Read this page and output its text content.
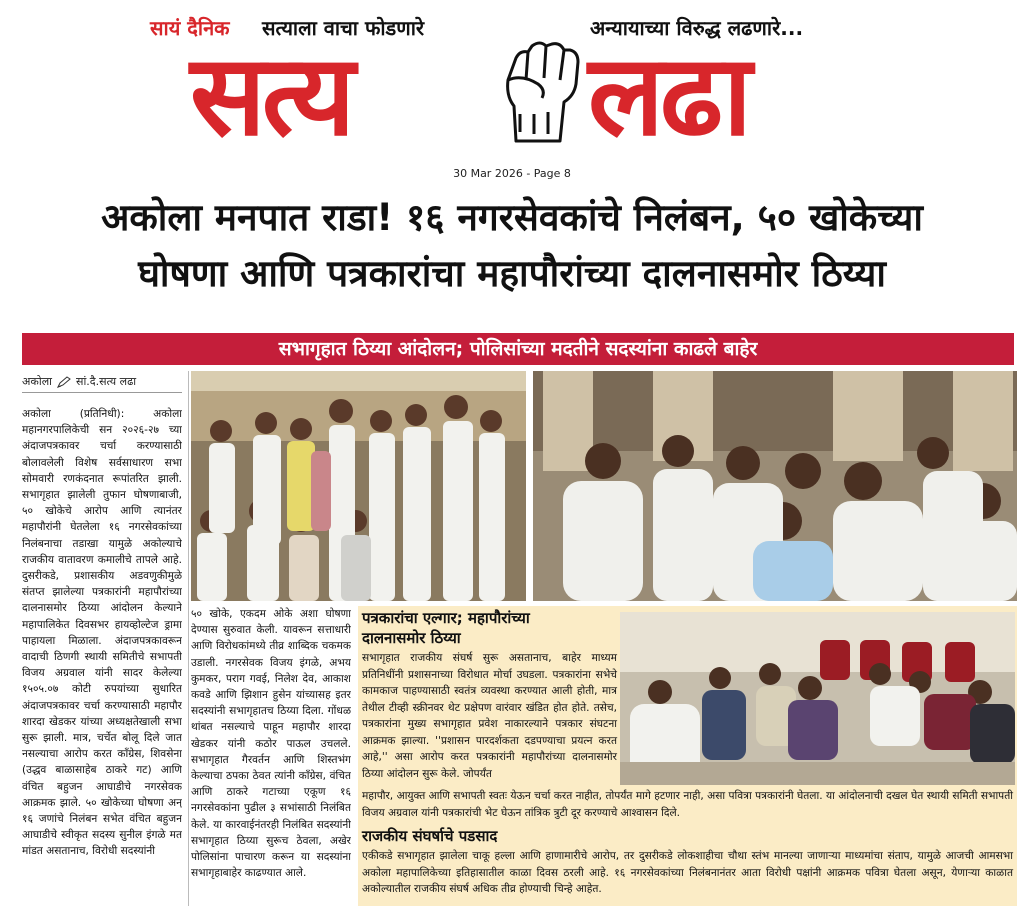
सायं दैनिक सत्याला वाचा फोडणारे	अन्यायाच्या विरुद्ध लढणारे...
सत्य लढा
30 Mar 2026 - Page 8
अकोला मनपात राडा! १६ नगरसेवकांचे निलंबन, ५० खोकेच्या
घोषणा आणि पत्रकारांचा महापौरांच्या दालनासमोर ठिय्या
सभागृहात ठिय्या आंदोलन; पोलिसांच्या मदतीने सदस्यांना काढले बाहेर
अकोला सां.दै.सत्य लढा
अकोला (प्रतिनिधी): अकोला महानगरपालिकेची सन २०२६-२७ च्या अंदाजपत्रकावर चर्चा करण्यासाठी बोलावलेली विशेष सर्वसाधारण सभा सोमवारी रणकंदनात रूपांतरित झाली. सभागृहात झालेली तुफान घोषणाबाजी, ५० खोकेचे आरोप आणि त्यानंतर महापौरांनी घेतलेला १६ नगरसेवकांच्या निलंबनाचा तडाखा यामुळे अकोल्याचे राजकीय वातावरण कमालीचे तापले आहे. दुसरीकडे, प्रशासकीय अडवणुकीमुळे संतप्त झालेल्या पत्रकारांनी महापौरांच्या दालनासमोर ठिय्या आंदोलन केल्याने महापालिकेत दिवसभर हायव्होल्टेज ड्रामा पाहायला मिळाला. अंदाजपत्रकावरून वादाची ठिणगी स्थायी समितीचे सभापती विजय अग्रवाल यांनी सादर केलेल्या १५०५.०७ कोटी रुपयांच्या सुधारित अंदाजपत्रकावर चर्चा करण्यासाठी महापौर शारदा खेडकर यांच्या अध्यक्षतेखाली सभा सुरू झाली. मात्र, चर्चेत बोलू दिले जात नसल्याचा आरोप करत काँग्रेस, शिवसेना (उद्धव बाळासाहेब ठाकरे गट) आणि वंचित बहुजन आघाडीचे नगरसेवक आक्रमक झाले. ५० खोकेच्या घोषणा अन् १६ जणांचे निलंबन सभेत वंचित बहुजन आघाडीचे स्वीकृत सदस्य सुनील इंगळे मत मांडत असतानाच, विरोधी सदस्यांनी
५० खोके, एकदम ओके अशा घोषणा देण्यास सुरुवात केली. यावरून सत्ताधारी आणि विरोधकांमध्ये तीव्र शाब्दिक चकमक उडाली. नगरसेवक विजय इंगळे, अभय कुमकर, पराग गवई, निलेश देव, आकाश कवडे आणि झिशान हुसेन यांच्यासह इतर सदस्यांनी सभागृहातच ठिय्या दिला. गोंधळ थांबत नसल्याचे पाहून महापौर शारदा खेडकर यांनी कठोर पाऊल उचलले. सभागृहात गैरवर्तन आणि शिस्तभंग केल्याचा ठपका ठेवत त्यांनी काँग्रेस, वंचित आणि ठाकरे गटाच्या एकूण १६ नगरसेवकांना पुढील ३ सभांसाठी निलंबित केले. या कारवाईनंतरही निलंबित सदस्यांनी सभागृहात ठिय्या सुरूच ठेवला, अखेर पोलिसांना पाचारण करून या सदस्यांना सभागृहाबाहेर काढण्यात आले.
पत्रकारांचा एल्गार; महापौरांच्या
दालनासमोर ठिय्या
सभागृहात राजकीय संघर्ष सुरू असतानाच, बाहेर माध्यम प्रतिनिधींनी प्रशासनाच्या विरोधात मोर्चा उघडला. पत्रकारांना सभेचे कामकाज पाहण्यासाठी स्वतंत्र व्यवस्था करण्यात आली होती, मात्र तेथील टीव्ही स्क्रीनवर थेट प्रक्षेपण वारंवार खंडित होत होते. तसेच, पत्रकारांना मुख्य सभागृहात प्रवेश नाकारल्याने पत्रकार संघटना आक्रमक झाल्या. ''प्रशासन पारदर्शकता दडपण्याचा प्रयत्न करत आहे,'' असा आरोप करत पत्रकारांनी महापौरांच्या दालनासमोर ठिय्या आंदोलन सुरू केले. जोपर्यंत
महापौर, आयुक्त आणि सभापती स्वतः येऊन चर्चा करत नाहीत, तोपर्यंत मागे हटणार नाही, असा पवित्रा पत्रकारांनी घेतला. या आंदोलनाची दखल घेत स्थायी समिती सभापती विजय अग्रवाल यांनी पत्रकारांची भेट घेऊन तांत्रिक त्रुटी दूर करण्याचे आश्वासन दिले.
राजकीय संघर्षाचे पडसाद
एकीकडे सभागृहात झालेला चाकू हल्ला आणि हाणामारीचे आरोप, तर दुसरीकडे लोकशाहीचा चौथा स्तंभ मानल्या जाणाऱ्या माध्यमांचा संताप, यामुळे आजची आमसभा अकोला महापालिकेच्या इतिहासातील काळा दिवस ठरली आहे. १६ नगरसेवकांच्या निलंबनानंतर आता विरोधी पक्षांनी आक्रमक पवित्रा घेतला असून, येणाऱ्या काळात अकोल्यातील राजकीय संघर्ष अधिक तीव्र होण्याची चिन्हे आहेत.
